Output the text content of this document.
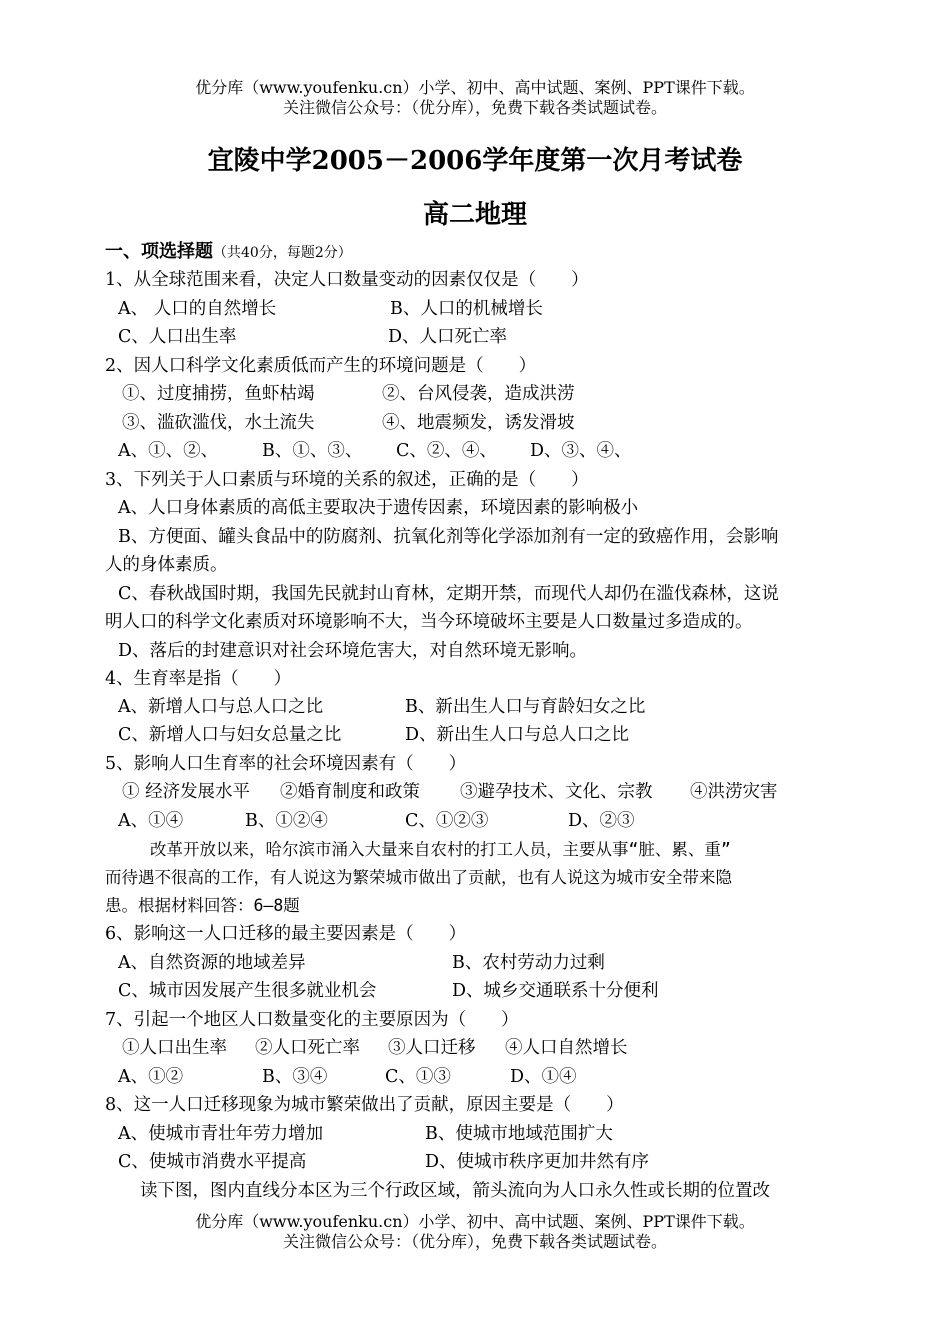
优分库（www.youfenku.cn）小学、初中、高中试题、案例、PPT课件下载。
关注微信公众号：（优分库），免费下载各类试题试卷。
宜陵中学2005－2006学年度第一次月考试卷
高二地理
一、项选择题（共40分，每题2分）
1、从全球范围来看，决定人口数量变动的因素仅仅是（　　）
A、 人口的自然增长	B、人口的机械增长
C、人口出生率	D、人口死亡率
2、因人口科学文化素质低而产生的环境问题是（　　）
①、过度捕捞，鱼虾枯竭	②、台风侵袭，造成洪涝
③、滥砍滥伐，水土流失	④、地震频发，诱发滑坡
A、①、②、	B、①、③、 C、②、④、 D、③、④、
3、下列关于人口素质与环境的关系的叙述，正确的是（　　）
A、人口身体素质的高低主要取决于遗传因素，环境因素的影响极小
B、方便面、罐头食品中的防腐剂、抗氧化剂等化学添加剂有一定的致癌作用，会影响
人的身体素质。
C、春秋战国时期，我国先民就封山育林，定期开禁，而现代人却仍在滥伐森林，这说
明人口的科学文化素质对环境影响不大，当今环境破坏主要是人口数量过多造成的。
D、落后的封建意识对社会环境危害大，对自然环境无影响。
4、生育率是指（　　）
A、新增人口与总人口之比	B、新出生人口与育龄妇女之比
C、新增人口与妇女总量之比	D、新出生人口与总人口之比
5、影响人口生育率的社会环境因素有（　　）
① 经济发展水平 ②婚育制度和政策 ③避孕技术、文化、宗教 ④洪涝灾害
A、①④	B、①②④	C、①②③	D、②③
改革开放以来，哈尔滨市涌入大量来自农村的打工人员，主要从事“脏、累、重”
而待遇不很高的工作，有人说这为繁荣城市做出了贡献，也有人说这为城市安全带来隐
患。根据材料回答：6—8题
6、影响这一人口迁移的最主要因素是（　　）
A、自然资源的地域差异	B、农村劳动力过剩
C、城市因发展产生很多就业机会	D、城乡交通联系十分便利
7、引起一个地区人口数量变化的主要原因为（　　）
①人口出生率 ②人口死亡率 ③人口迁移 ④人口自然增长
A、①②	B、③④	C、①③	D、①④
8、这一人口迁移现象为城市繁荣做出了贡献，原因主要是（　　）
A、使城市青壮年劳力增加	B、使城市地域范围扩大
C、使城市消费水平提高	D、使城市秩序更加井然有序
读下图，图内直线分本区为三个行政区域，箭头流向为人口永久性或长期的位置改
优分库（www.youfenku.cn）小学、初中、高中试题、案例、PPT课件下载。
关注微信公众号：（优分库），免费下载各类试题试卷。
